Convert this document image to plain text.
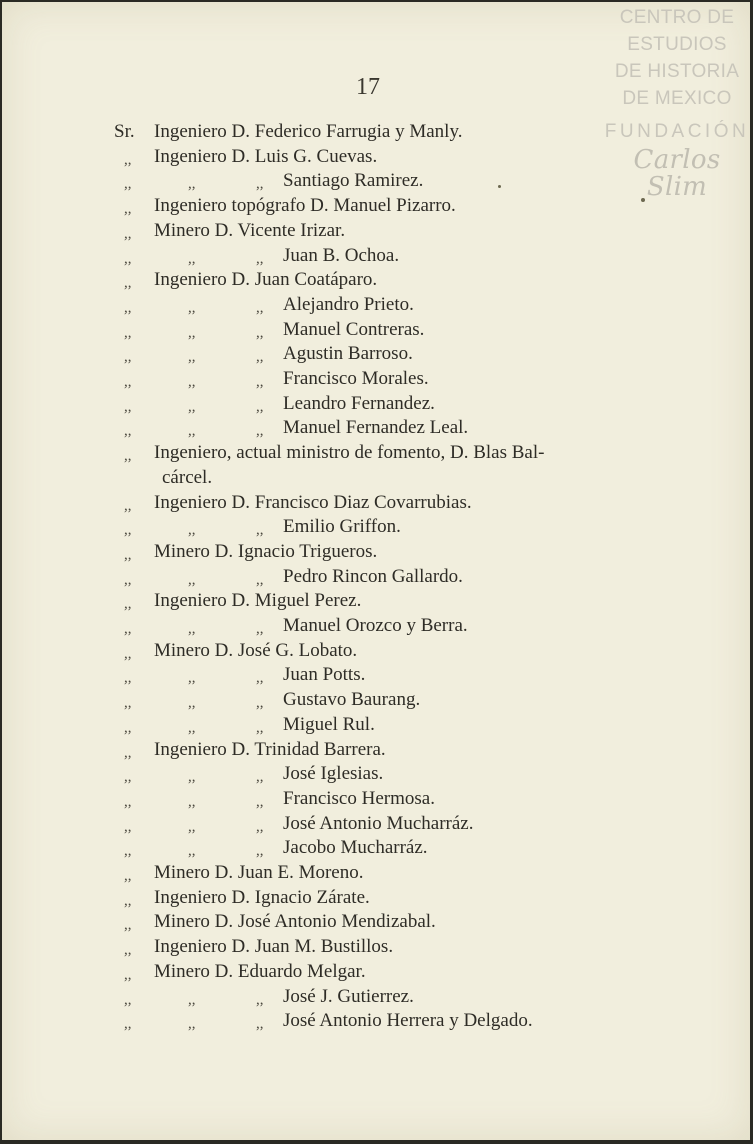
CENTRO DE
ESTUDIOS
DE HISTORIA
DE MEXICO
FUNDACIÓN
Carlos Slim
17
Sr. Ingeniero D. Federico Farrugia y Manly.
,, Ingeniero D. Luis G. Cuevas.
,,	,,	,, Santiago Ramirez.
,, Ingeniero topógrafo D. Manuel Pizarro.
,, Minero D. Vicente Irizar.
,,	,,	,, Juan B. Ochoa.
,, Ingeniero D. Juan Coatáparo.
,,	,,	,, Alejandro Prieto.
,,	,,	,, Manuel Contreras.
,,	,,	,, Agustin Barroso.
,,	,,	,, Francisco Morales.
,,	,,	,, Leandro Fernandez.
,,	,,	,, Manuel Fernandez Leal.
,, Ingeniero, actual ministro de fomento, D. Blas Bal-
cárcel.
,, Ingeniero D. Francisco Diaz Covarrubias.
,,	,,	,, Emilio Griffon.
,, Minero D. Ignacio Trigueros.
,,	,,	,, Pedro Rincon Gallardo.
,, Ingeniero D. Miguel Perez.
,,	,,	,, Manuel Orozco y Berra.
,, Minero D. José G. Lobato.
,,	,,	,, Juan Potts.
,,	,,	,, Gustavo Baurang.
,,	,,	,, Miguel Rul.
,, Ingeniero D. Trinidad Barrera.
,,	,,	,, José Iglesias.
,,	,,	,, Francisco Hermosa.
,,	,,	,, José Antonio Mucharráz.
,,	,,	,, Jacobo Mucharráz.
,, Minero D. Juan E. Moreno.
,, Ingeniero D. Ignacio Zárate.
,, Minero D. José Antonio Mendizabal.
,, Ingeniero D. Juan M. Bustillos.
,, Minero D. Eduardo Melgar.
,,	,,	,, José J. Gutierrez.
,,	,,	,, José Antonio Herrera y Delgado.
